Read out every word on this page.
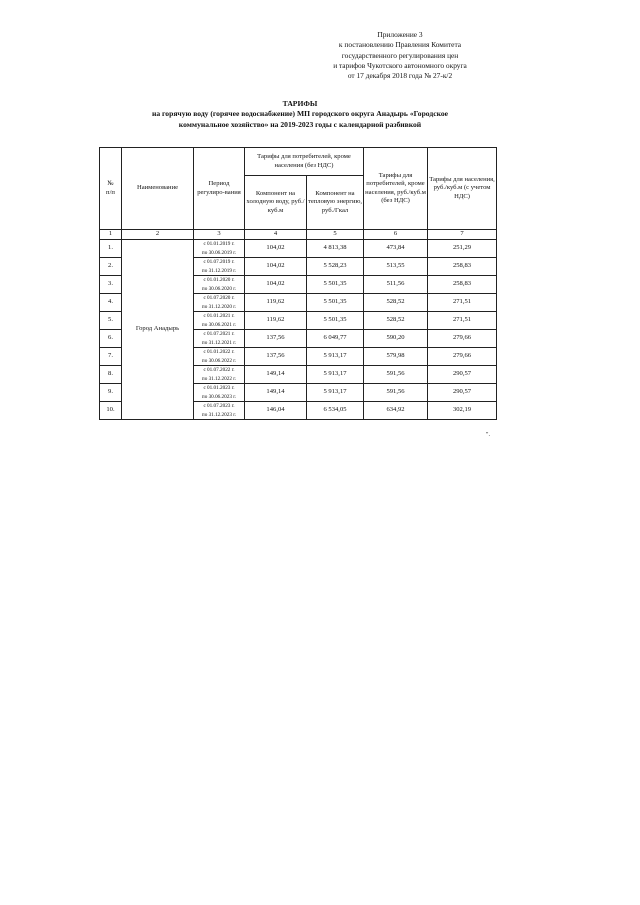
Приложение 3
к постановлению Правления Комитета
государственного регулирования цен
и тарифов Чукотского автономного округа
от 17 декабря 2018 года № 27-к/2
ТАРИФЫ
на горячую воду (горячее водоснабжение) МП городского округа Анадырь «Городское
коммунальное хозяйство» на 2019-2023 годы с календарной разбивкой
№
п/п	Наименование	Период регулиро-вания	Тарифы для потребителей, кроме населения (без НДС)		Тарифы для потребителей, кроме населения, руб./куб.м (без НДС)	Тарифы для населения, руб./куб.м (с учетом НДС)
			Компонент на холодную воду, руб./куб.м	Компонент на тепловую энергию, руб./Гкал		
1	2	3	4	5	6	7
1.	Город Анадырь	с 01.01.2019 г.
по 30.06.2019 г.	104,02	4 813,38	473,84	251,29
2.		с 01.07.2019 г.
по 31.12.2019 г.	104,02	5 528,23	513,55	258,83
3.		с 01.01.2020 г.
по 30.06.2020 г.	104,02	5 501,35	511,56	258,83
4.		с 01.07.2020 г.
по 31.12.2020 г.	119,62	5 501,35	528,52	271,51
5.		с 01.01.2021 г.
по 30.06.2021 г.	119,62	5 501,35	528,52	271,51
6.		с 01.07.2021 г.
по 31.12.2021 г.	137,56	6 049,77	590,20	279,66
7.		с 01.01.2022 г.
по 30.06.2022 г.	137,56	5 913,17	579,98	279,66
8.		с 01.07.2022 г.
по 31.12.2022 г.	149,14	5 913,17	591,56	290,57
9.		с 01.01.2023 г.
по 30.06.2023 г.	149,14	5 913,17	591,56	290,57
10.		с 01.07.2023 г.
по 31.12.2023 г.	146,04	6 534,05	634,92	302,19
".
